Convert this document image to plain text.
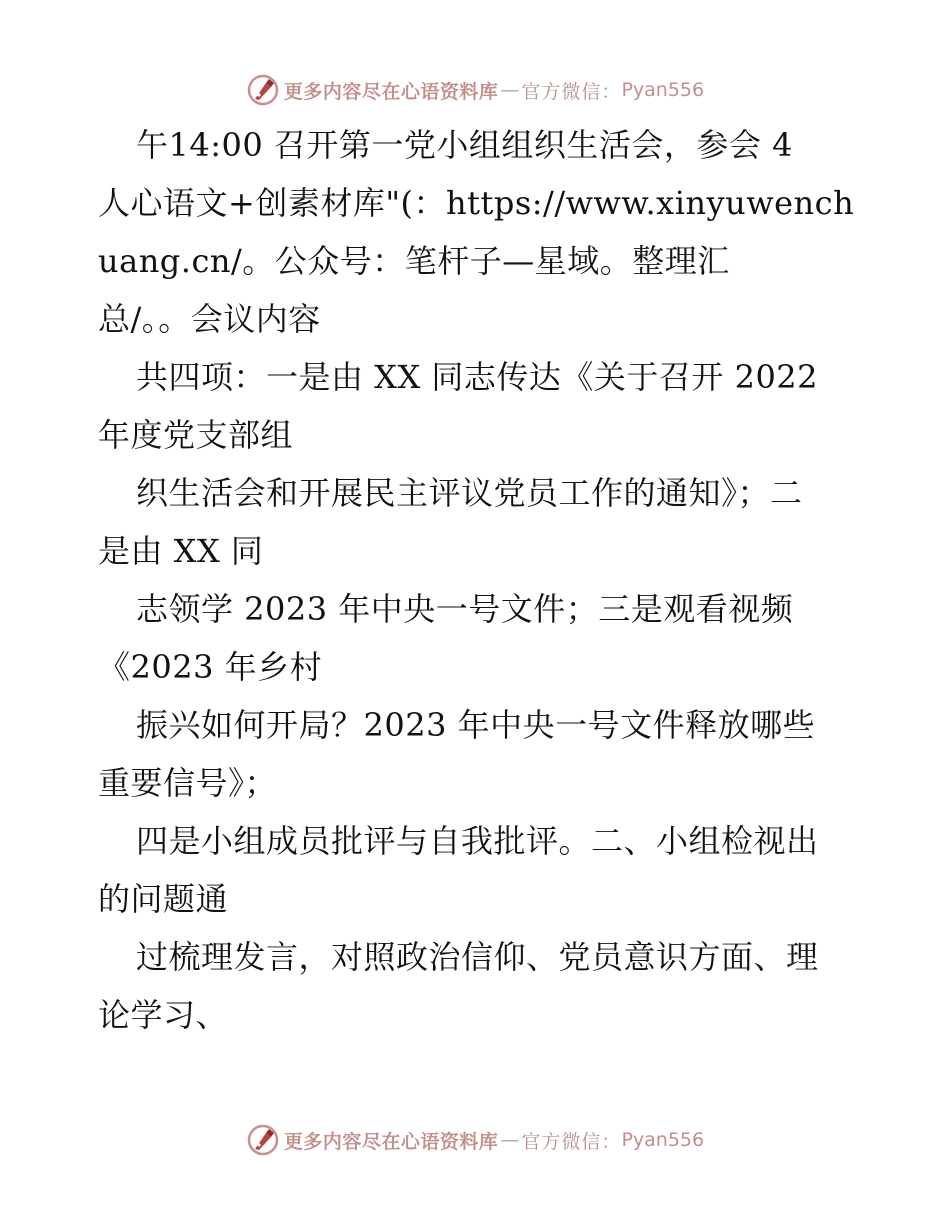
更多内容尽在心语资料库 — 官方微信： Pyan556
午14:00 召开第一党小组组织生活会，参会 4
人心语文+创素材库"(：https://www.xinyuwench
uang.cn/。公众号：笔杆子—星域。整理汇
总/。。会议内容
共四项：一是由 XX 同志传达《关于召开 2022
年度党支部组
织生活会和开展民主评议党员工作的通知》；二
是由 XX 同
志领学 2023 年中央一号文件；三是观看视频
《2023 年乡村
振兴如何开局？2023 年中央一号文件释放哪些
重要信号》；
四是小组成员批评与自我批评。二、小组检视出
的问题通
过梳理发言，对照政治信仰、党员意识方面、理
论学习、
更多内容尽在心语资料库 — 官方微信： Pyan556
